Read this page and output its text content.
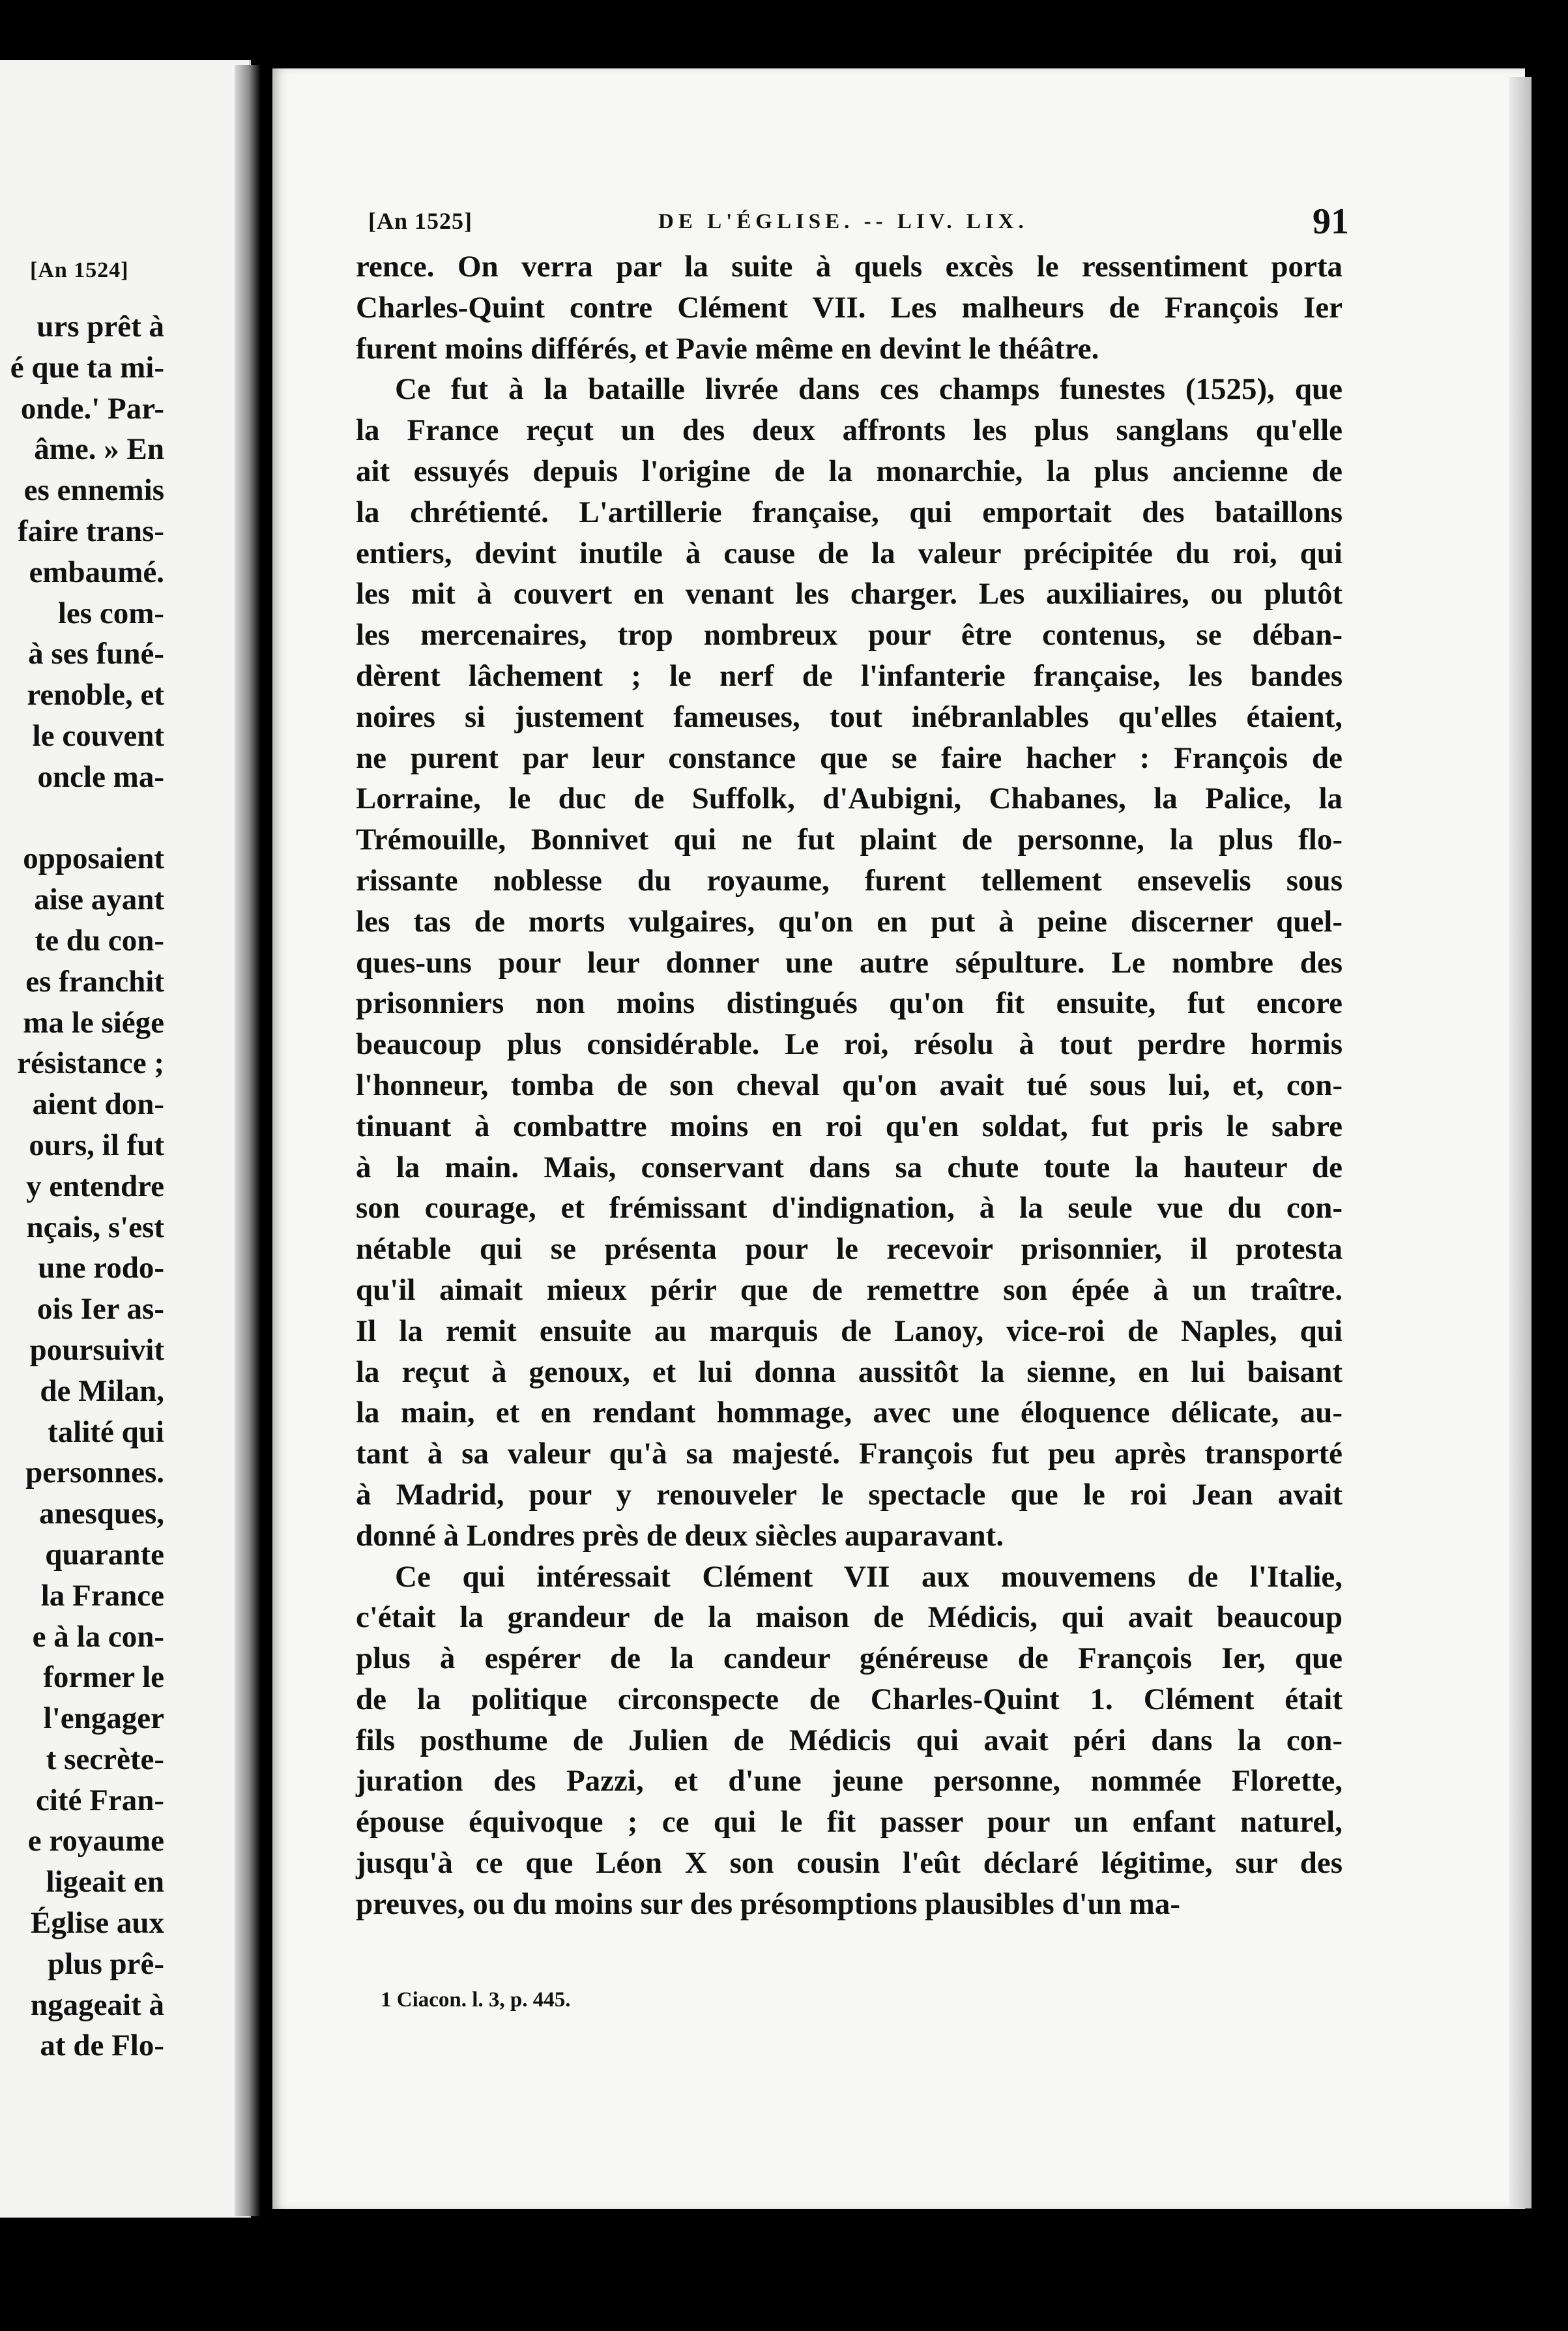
[An 1524]
urs prêt à
é que ta mi-
onde.' Par-
âme. » En
es ennemis
faire trans-
embaumé.
les com-
à ses funé-
renoble, et
le couvent
oncle ma-
opposaient
aise ayant
te du con-
es franchit
ma le siége
résistance ;
aient don-
ours, il fut
y entendre
nçais, s'est
une rodo-
ois Ier as-
poursuivit
de Milan,
talité qui
personnes.
anesques,
quarante
la France
e à la con-
former le
l'engager
t secrète-
cité Fran-
e royaume
ligeait en
Église aux
plus prê-
ngageait à
at de Flo-
[An 1525]	DE L'ÉGLISE. -- LIV. LIX.	91
rence. On verra par la suite à quels excès le ressentiment porta
Charles-Quint contre Clément VII. Les malheurs de François Ier
furent moins différés, et Pavie même en devint le théâtre.
Ce fut à la bataille livrée dans ces champs funestes (1525), que
la France reçut un des deux affronts les plus sanglans qu'elle
ait essuyés depuis l'origine de la monarchie, la plus ancienne de
la chrétienté. L'artillerie française, qui emportait des bataillons
entiers, devint inutile à cause de la valeur précipitée du roi, qui
les mit à couvert en venant les charger. Les auxiliaires, ou plutôt
les mercenaires, trop nombreux pour être contenus, se déban-
dèrent lâchement ; le nerf de l'infanterie française, les bandes
noires si justement fameuses, tout inébranlables qu'elles étaient,
ne purent par leur constance que se faire hacher : François de
Lorraine, le duc de Suffolk, d'Aubigni, Chabanes, la Palice, la
Trémouille, Bonnivet qui ne fut plaint de personne, la plus flo-
rissante noblesse du royaume, furent tellement ensevelis sous
les tas de morts vulgaires, qu'on en put à peine discerner quel-
ques-uns pour leur donner une autre sépulture. Le nombre des
prisonniers non moins distingués qu'on fit ensuite, fut encore
beaucoup plus considérable. Le roi, résolu à tout perdre hormis
l'honneur, tomba de son cheval qu'on avait tué sous lui, et, con-
tinuant à combattre moins en roi qu'en soldat, fut pris le sabre
à la main. Mais, conservant dans sa chute toute la hauteur de
son courage, et frémissant d'indignation, à la seule vue du con-
nétable qui se présenta pour le recevoir prisonnier, il protesta
qu'il aimait mieux périr que de remettre son épée à un traître.
Il la remit ensuite au marquis de Lanoy, vice-roi de Naples, qui
la reçut à genoux, et lui donna aussitôt la sienne, en lui baisant
la main, et en rendant hommage, avec une éloquence délicate, au-
tant à sa valeur qu'à sa majesté. François fut peu après transporté
à Madrid, pour y renouveler le spectacle que le roi Jean avait
donné à Londres près de deux siècles auparavant.
Ce qui intéressait Clément VII aux mouvemens de l'Italie,
c'était la grandeur de la maison de Médicis, qui avait beaucoup
plus à espérer de la candeur généreuse de François Ier, que
de la politique circonspecte de Charles-Quint 1. Clément était
fils posthume de Julien de Médicis qui avait péri dans la con-
juration des Pazzi, et d'une jeune personne, nommée Florette,
épouse équivoque ; ce qui le fit passer pour un enfant naturel,
jusqu'à ce que Léon X son cousin l'eût déclaré légitime, sur des
preuves, ou du moins sur des présomptions plausibles d'un ma-
1 Ciacon. l. 3, p. 445.
